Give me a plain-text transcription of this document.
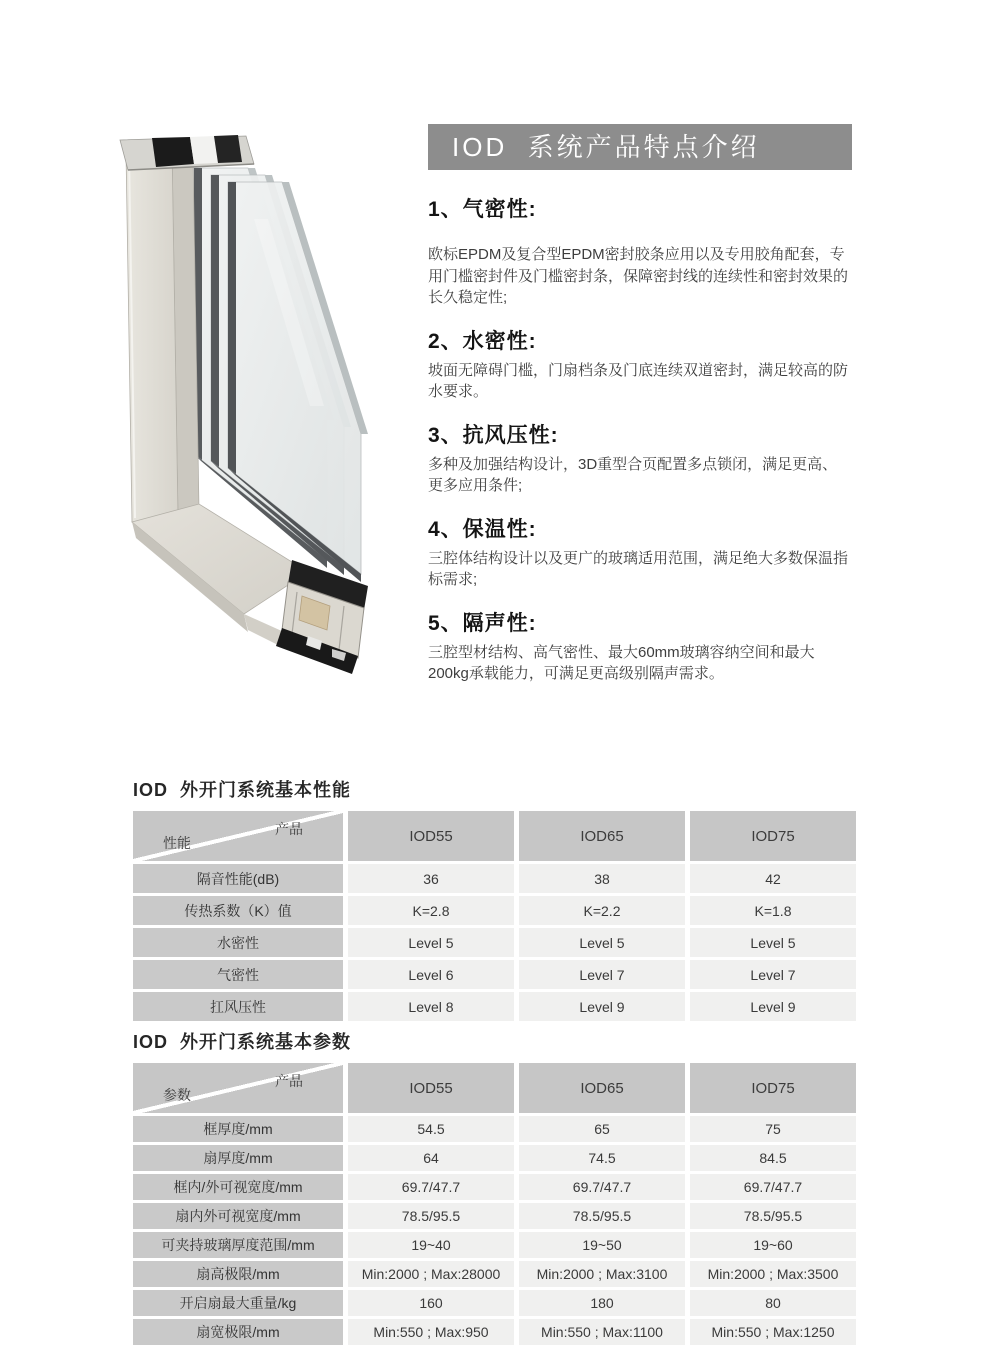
IOD  系统产品特点介绍
1、气密性:

欧标EPDM及复合型EPDM密封胶条应用以及专用胶角配套，专用门槛密封件及门槛密封条，保障密封线的连续性和密封效果的长久稳定性;

2、水密性:

坡面无障碍门槛，门扇档条及门底连续双道密封，满足较高的防水要求。

3、抗风压性:

多种及加强结构设计，3D重型合页配置多点锁闭，满足更高、更多应用条件;

4、保温性:

三腔体结构设计以及更广的玻璃适用范围，满足绝大多数保温指标需求;

5、隔声性:

三腔型材结构、高气密性、最大60mm玻璃容纳空间和最大200kg承载能力，可满足更高级别隔声需求。

IOD  外开门系统基本性能
产品
性能	IOD55	IOD65	IOD75
隔音性能(dB)	36	38	42
传热系数（K）值	K=2.8	K=2.2	K=1.8
水密性	Level 5	Level 5	Level 5
气密性	Level 6	Level 7	Level 7
扛风压性	Level 8	Level 9	Level 9
IOD  外开门系统基本参数
产品
参数	IOD55	IOD65	IOD75
框厚度/mm	54.5	65	75
扇厚度/mm	64	74.5	84.5
框内/外可视宽度/mm	69.7/47.7	69.7/47.7	69.7/47.7
扇内外可视宽度/mm	78.5/95.5	78.5/95.5	78.5/95.5
可夹持玻璃厚度范围/mm	19~40	19~50	19~60
扇高极限/mm	Min:2000 ; Max:28000	Min:2000 ; Max:3100	Min:2000 ; Max:3500
开启扇最大重量/kg	160	180	80
扇宽极限/mm	Min:550 ; Max:950	Min:550 ; Max:1100	Min:550 ; Max:1250
